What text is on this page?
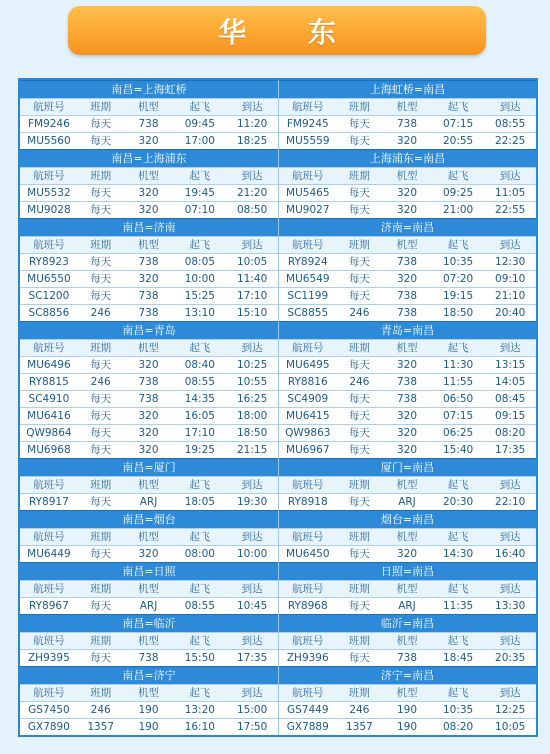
华 东
南昌=上海虹桥
航班号	班期	机型	起飞	到达
FM9246	每天	738	09:45	11:20
MU5560	每天	320	17:00	18:25
上海虹桥=南昌
航班号	班期	机型	起飞	到达
FM9245	每天	738	07:15	08:55
MU5559	每天	320	20:55	22:25
南昌=上海浦东
航班号	班期	机型	起飞	到达
MU5532	每天	320	19:45	21:20
MU9028	每天	320	07:10	08:50
上海浦东=南昌
航班号	班期	机型	起飞	到达
MU5465	每天	320	09:25	11:05
MU9027	每天	320	21:00	22:55
南昌=济南
航班号	班期	机型	起飞	到达
RY8923	每天	738	08:05	10:05
MU6550	每天	320	10:00	11:40
SC1200	每天	738	15:25	17:10
SC8856	246	738	13:10	15:10
济南=南昌
航班号	班期	机型	起飞	到达
RY8924	每天	738	10:35	12:30
MU6549	每天	320	07:20	09:10
SC1199	每天	738	19:15	21:10
SC8855	246	738	18:50	20:40
南昌=青岛
航班号	班期	机型	起飞	到达
MU6496	每天	320	08:40	10:25
RY8815	246	738	08:55	10:55
SC4910	每天	738	14:35	16:25
MU6416	每天	320	16:05	18:00
QW9864	每天	320	17:10	18:50
MU6968	每天	320	19:25	21:15
青岛=南昌
航班号	班期	机型	起飞	到达
MU6495	每天	320	11:30	13:15
RY8816	246	738	11:55	14:05
SC4909	每天	738	06:50	08:45
MU6415	每天	320	07:15	09:15
QW9863	每天	320	06:25	08:20
MU6967	每天	320	15:40	17:35
南昌=厦门
航班号	班期	机型	起飞	到达
RY8917	每天	ARJ	18:05	19:30
厦门=南昌
航班号	班期	机型	起飞	到达
RY8918	每天	ARJ	20:30	22:10
南昌=烟台
航班号	班期	机型	起飞	到达
MU6449	每天	320	08:00	10:00
烟台=南昌
航班号	班期	机型	起飞	到达
MU6450	每天	320	14:30	16:40
南昌=日照
航班号	班期	机型	起飞	到达
RY8967	每天	ARJ	08:55	10:45
日照=南昌
航班号	班期	机型	起飞	到达
RY8968	每天	ARJ	11:35	13:30
南昌=临沂
航班号	班期	机型	起飞	到达
ZH9395	每天	738	15:50	17:35
临沂=南昌
航班号	班期	机型	起飞	到达
ZH9396	每天	738	18:45	20:35
南昌=济宁
航班号	班期	机型	起飞	到达
GS7450	246	190	13:20	15:00
GX7890	1357	190	16:10	17:50
济宁=南昌
航班号	班期	机型	起飞	到达
GS7449	246	190	10:35	12:25
GX7889	1357	190	08:20	10:05
